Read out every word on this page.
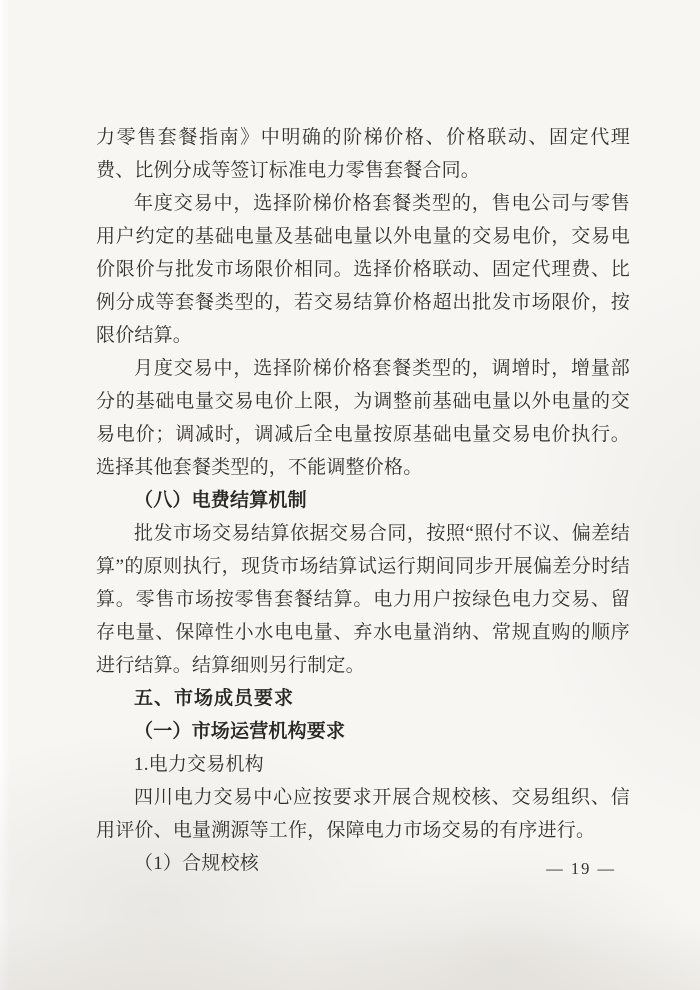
力零售套餐指南》中明确的阶梯价格、价格联动、固定代理费、比例分成等签订标准电力零售套餐合同。

年度交易中，选择阶梯价格套餐类型的，售电公司与零售用户约定的基础电量及基础电量以外电量的交易电价，交易电价限价与批发市场限价相同。选择价格联动、固定代理费、比例分成等套餐类型的，若交易结算价格超出批发市场限价，按限价结算。

月度交易中，选择阶梯价格套餐类型的，调增时，增量部分的基础电量交易电价上限，为调整前基础电量以外电量的交易电价；调减时，调减后全电量按原基础电量交易电价执行。选择其他套餐类型的，不能调整价格。

（八）电费结算机制

批发市场交易结算依据交易合同，按照“照付不议、偏差结算”的原则执行，现货市场结算试运行期间同步开展偏差分时结算。零售市场按零售套餐结算。电力用户按绿色电力交易、留存电量、保障性小水电电量、弃水电量消纳、常规直购的顺序进行结算。结算细则另行制定。

五、市场成员要求

（一）市场运营机构要求

1.电力交易机构

四川电力交易中心应按要求开展合规校核、交易组织、信用评价、电量溯源等工作，保障电力市场交易的有序进行。

（1）合规校核	— 19 —
